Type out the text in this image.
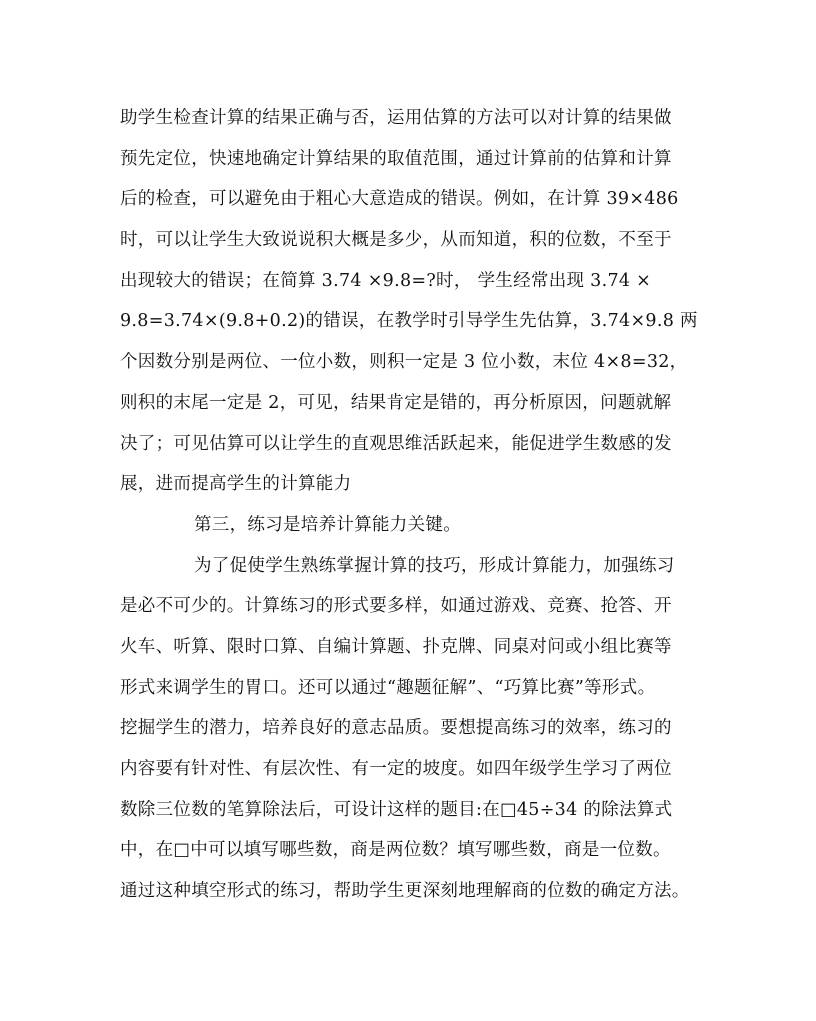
助学生检查计算的结果正确与否，运用估算的方法可以对计算的结果做
预先定位，快速地确定计算结果的取值范围，通过计算前的估算和计算
后的检查，可以避免由于粗心大意造成的错误。例如，在计算 39×486
时，可以让学生大致说说积大概是多少，从而知道，积的位数，不至于
出现较大的错误；在简算 3.74 ×9.8=?时， 学生经常出现 3.74 ×
9.8=3.74×(9.8+0.2)的错误，在教学时引导学生先估算，3.74×9.8 两
个因数分别是两位、一位小数，则积一定是 3 位小数，末位 4×8=32，
则积的末尾一定是 2，可见，结果肯定是错的，再分析原因，问题就解
决了；可见估算可以让学生的直观思维活跃起来，能促进学生数感的发
展，进而提高学生的计算能力
第三，练习是培养计算能力关键。
为了促使学生熟练掌握计算的技巧，形成计算能力，加强练习
是必不可少的。计算练习的形式要多样，如通过游戏、竞赛、抢答、开
火车、听算、限时口算、自编计算题、扑克牌、同桌对问或小组比赛等
形式来调学生的胃口。还可以通过“趣题征解”、“巧算比赛”等形式。
挖掘学生的潜力，培养良好的意志品质。要想提高练习的效率，练习的
内容要有针对性、有层次性、有一定的坡度。如四年级学生学习了两位
数除三位数的笔算除法后，可设计这样的题目:在□45÷34 的除法算式
中，在□中可以填写哪些数，商是两位数？填写哪些数，商是一位数。
通过这种填空形式的练习，帮助学生更深刻地理解商的位数的确定方法。
